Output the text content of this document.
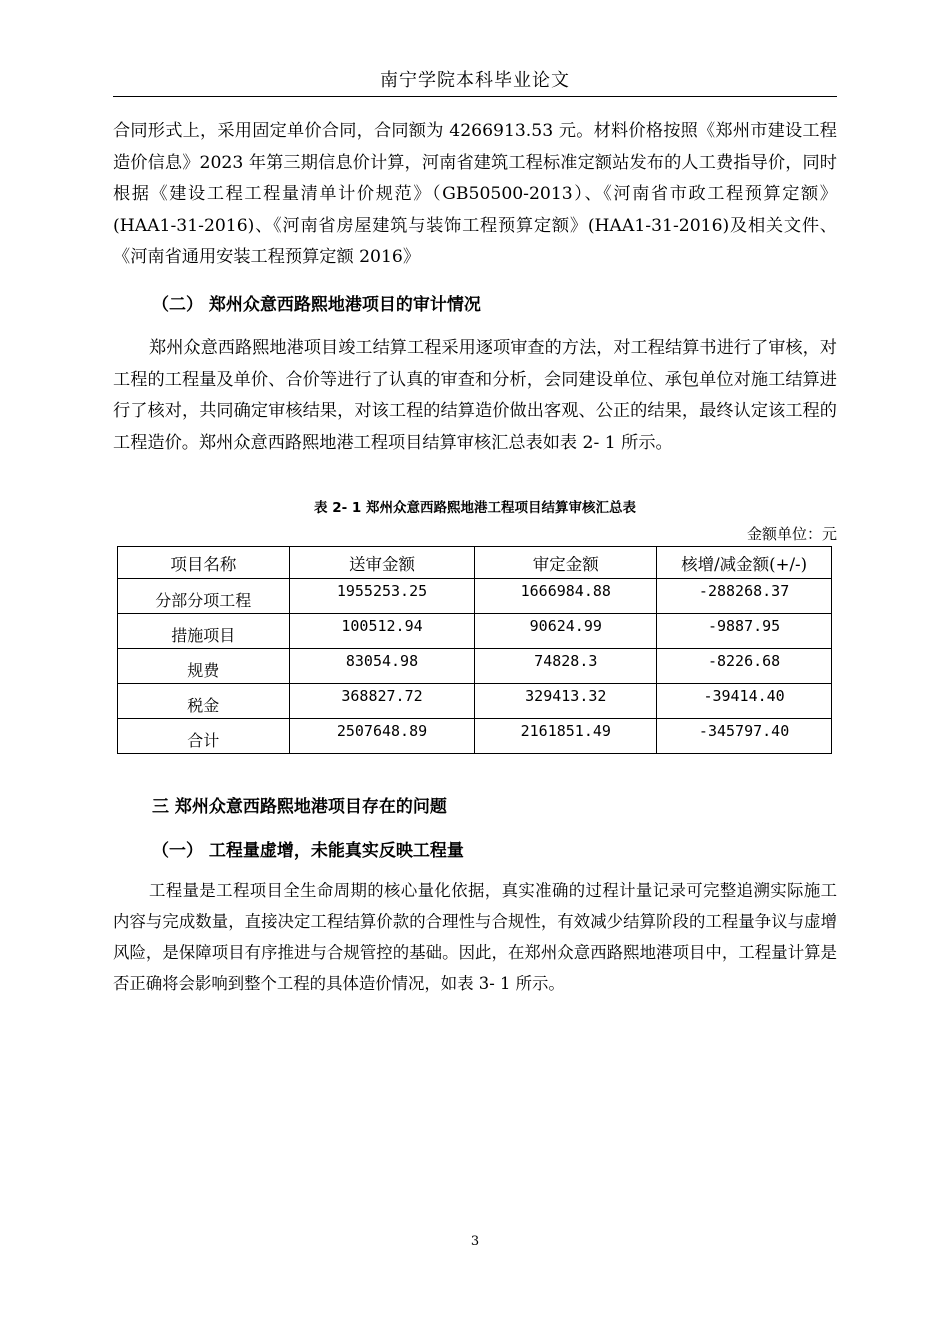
南宁学院本科毕业论文

合同形式上，采用固定单价合同，合同额为 4266913.53 元。材料价格按照《郑州市建设工程造价信息》2023 年第三期信息价计算，河南省建筑工程标准定额站发布的人工费指导价，同时根据《建设工程工程量清单计价规范》（GB50500-2013）、《河南省市政工程预算定额》(HAA1-31-2016)、《河南省房屋建筑与装饰工程预算定额》(HAA1-31-2016)及相关文件、《河南省通用安装工程预算定额 2016》

（二） 郑州众意西路熙地港项目的审计情况

郑州众意西路熙地港项目竣工结算工程采用逐项审查的方法，对工程结算书进行了审核，对工程的工程量及单价、合价等进行了认真的审查和分析，会同建设单位、承包单位对施工结算进行了核对，共同确定审核结果，对该工程的结算造价做出客观、公正的结果，最终认定该工程的工程造价。郑州众意西路熙地港工程项目结算审核汇总表如表 2- 1 所示。

表 2- 1 郑州众意西路熙地港工程项目结算审核汇总表
金额单位：元
项目名称	送审金额	审定金额	核增/减金额(+/-)
分部分项工程	1955253.25	1666984.88	-288268.37
措施项目	100512.94	90624.99	-9887.95
规费	83054.98	74828.3	-8226.68
税金	368827.72	329413.32	-39414.40
合计	2507648.89	2161851.49	-345797.40
三 郑州众意西路熙地港项目存在的问题
（一） 工程量虚增，未能真实反映工程量

工程量是工程项目全生命周期的核心量化依据，真实准确的过程计量记录可完整追溯实际施工内容与完成数量，直接决定工程结算价款的合理性与合规性，有效减少结算阶段的工程量争议与虚增风险，是保障项目有序推进与合规管控的基础。因此，在郑州众意西路熙地港项目中，工程量计算是否正确将会影响到整个工程的具体造价情况，如表 3- 1 所示。

3
